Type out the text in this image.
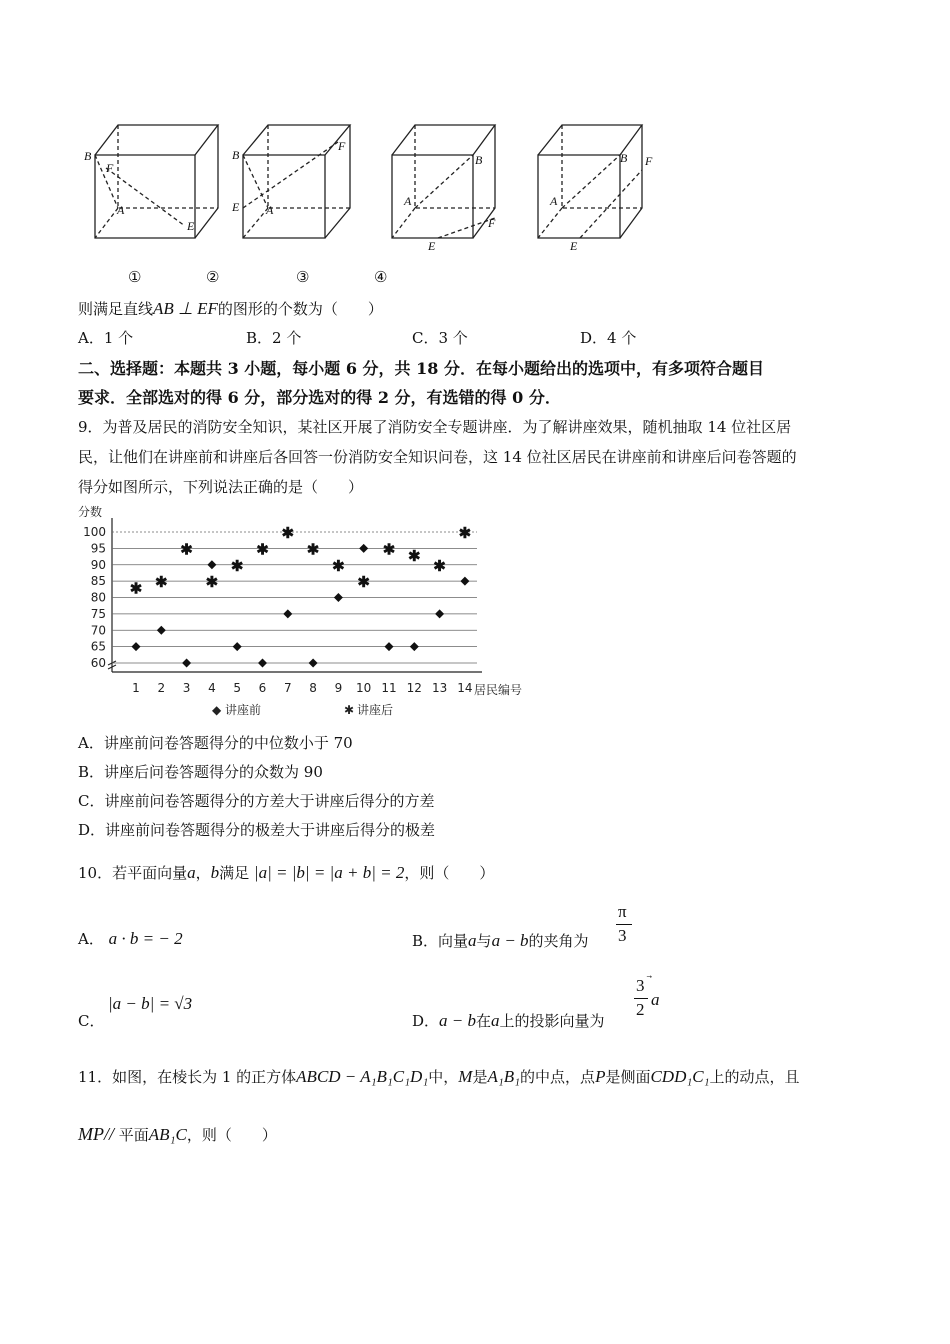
B
F
A
E
B
F
E A
B
A
F
E
B F
A
E
①	②	③	④
则满足直线AB ⊥ EF的图形的个数为（　　）
A．1 个	B．2 个	C．3 个	D．4 个
二、选择题：本题共 3 小题，每小题 6 分，共 18 分．在每小题给出的选项中，有多项符合题目
要求．全部选对的得 6 分，部分选对的得 2 分，有选错的得 0 分．
9．为普及居民的消防安全知识，某社区开展了消防安全专题讲座．为了解讲座效果，随机抽取 14 位社区居
民，让他们在讲座前和讲座后各回答一份消防安全知识问卷，这 14 位社区居民在讲座前和讲座后问卷答题的
得分如图所示，下列说法正确的是（　　）
分数
60
65
70
75
80
85
90
95
100
1 2 3 4 5 6 7 8 9 10 11 12 13 14
✱ ✱
✱
✱
✱
✱
✱
✱
✱
✱
✱ ✱
✱
✱
居民编号
◆ 讲座前	✱ 讲座后
A．讲座前问卷答题得分的中位数小于 70
B．讲座后问卷答题得分的众数为 90
C．讲座前问卷答题得分的方差大于讲座后得分的方差
D．讲座前问卷答题得分的极差大于讲座后得分的极差
10．若平面向量a，b满足 |a| = |b| = |a + b| = 2，则（　　）
A． a · b = − 2	B．向量a与a − b的夹角为
π
3
C．
|a − b| = √3
D．a − b在a上的投影向量为
3
2
a
11．如图，在棱长为 1 的正方体ABCD − A₁B₁C₁D₁中，M是A₁B₁的中点，点P是侧面CDD₁C₁上的动点，且
MP// 平面AB₁C，则（　　）
